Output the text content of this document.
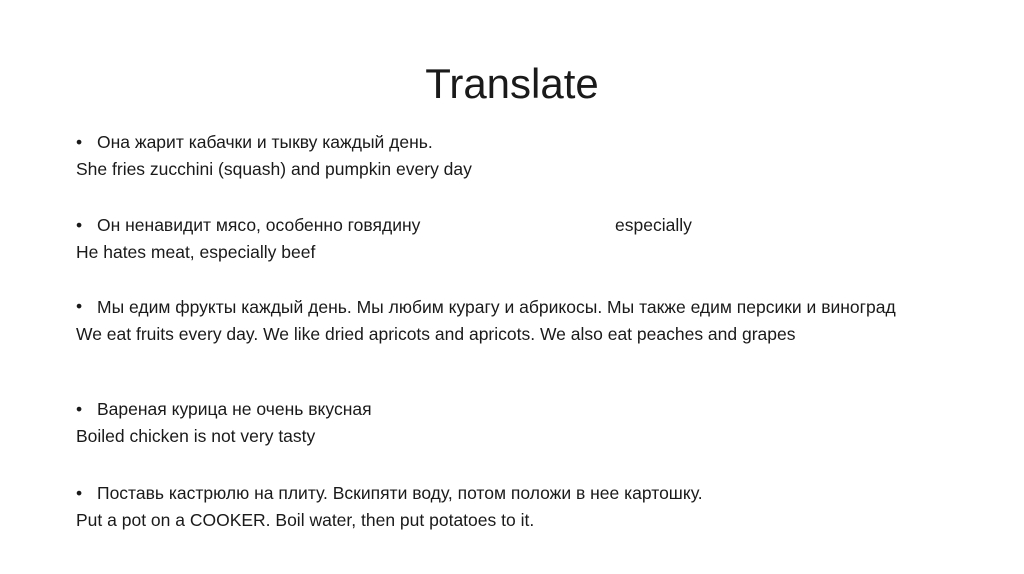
Translate
• Она жарит кабачки и тыкву каждый день.
She fries zucchini (squash) and pumpkin every day
• Он ненавидит мясо, особенно говядину	especially
He hates meat, especially beef
• Мы едим фрукты каждый день. Мы любим курагу и абрикосы. Мы также едим персики и виноград
We eat fruits every day. We like dried apricots and apricots. We also eat peaches and grapes
• Вареная курица не очень вкусная
Boiled chicken is not very tasty
• Поставь кастрюлю на плиту. Вскипяти воду, потом положи в нее картошку.
Put a pot on a COOKER. Boil water, then put potatoes to it.
